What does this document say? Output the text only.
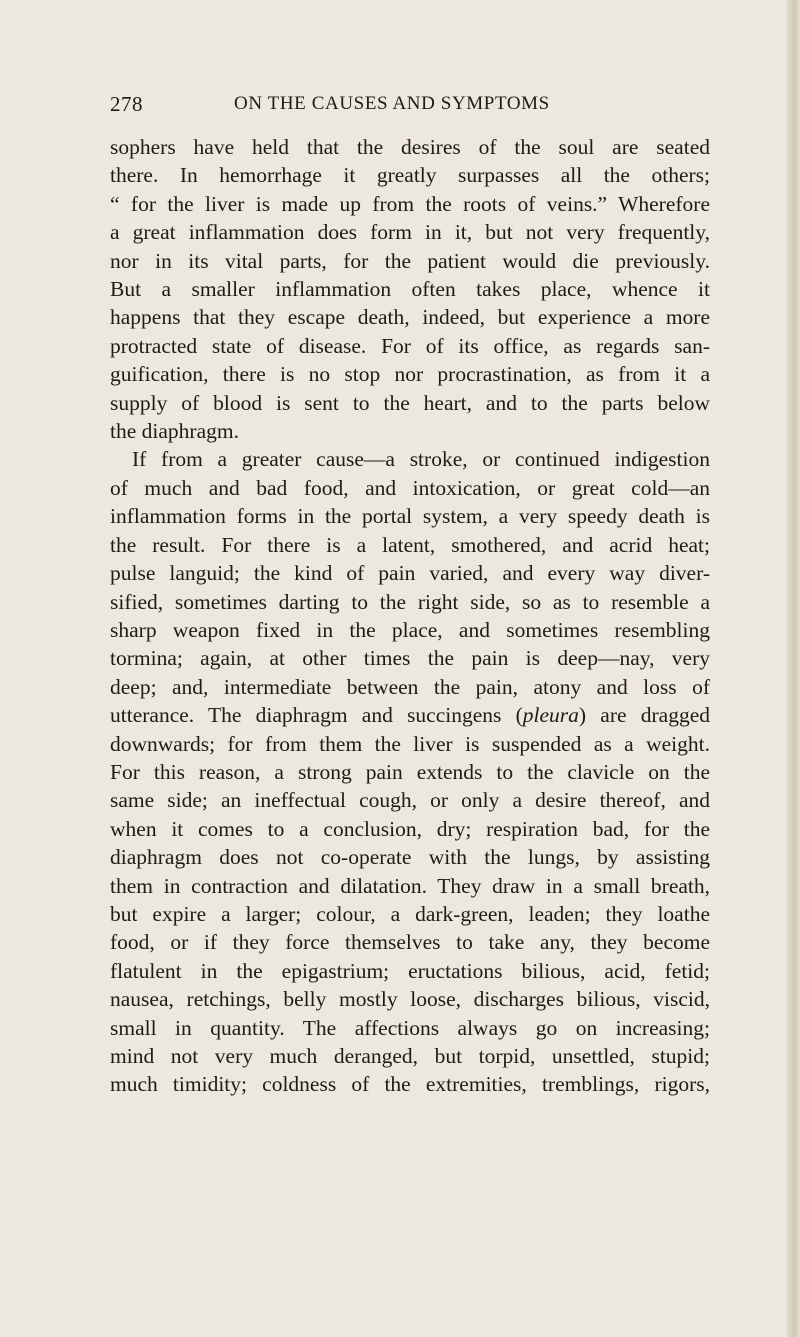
278	ON THE CAUSES AND SYMPTOMS
sophers have held that the desires of the soul are seated
there. In hemorrhage it greatly surpasses all the others;
“ for the liver is made up from the roots of veins.” Wherefore
a great inflammation does form in it, but not very frequently,
nor in its vital parts, for the patient would die previously.
But a smaller inflammation often takes place, whence it
happens that they escape death, indeed, but experience a more
protracted state of disease. For of its office, as regards san-
guification, there is no stop nor procrastination, as from it a
supply of blood is sent to the heart, and to the parts below
the diaphragm.
If from a greater cause—a stroke, or continued indigestion
of much and bad food, and intoxication, or great cold—an
inflammation forms in the portal system, a very speedy death is
the result. For there is a latent, smothered, and acrid heat;
pulse languid; the kind of pain varied, and every way diver-
sified, sometimes darting to the right side, so as to resemble a
sharp weapon fixed in the place, and sometimes resembling
tormina; again, at other times the pain is deep—nay, very
deep; and, intermediate between the pain, atony and loss of
utterance. The diaphragm and succingens (pleura) are dragged
downwards; for from them the liver is suspended as a weight.
For this reason, a strong pain extends to the clavicle on the
same side; an ineffectual cough, or only a desire thereof, and
when it comes to a conclusion, dry; respiration bad, for the
diaphragm does not co-operate with the lungs, by assisting
them in contraction and dilatation. They draw in a small breath,
but expire a larger; colour, a dark-green, leaden; they loathe
food, or if they force themselves to take any, they become
flatulent in the epigastrium; eructations bilious, acid, fetid;
nausea, retchings, belly mostly loose, discharges bilious, viscid,
small in quantity. The affections always go on increasing;
mind not very much deranged, but torpid, unsettled, stupid;
much timidity; coldness of the extremities, tremblings, rigors,
